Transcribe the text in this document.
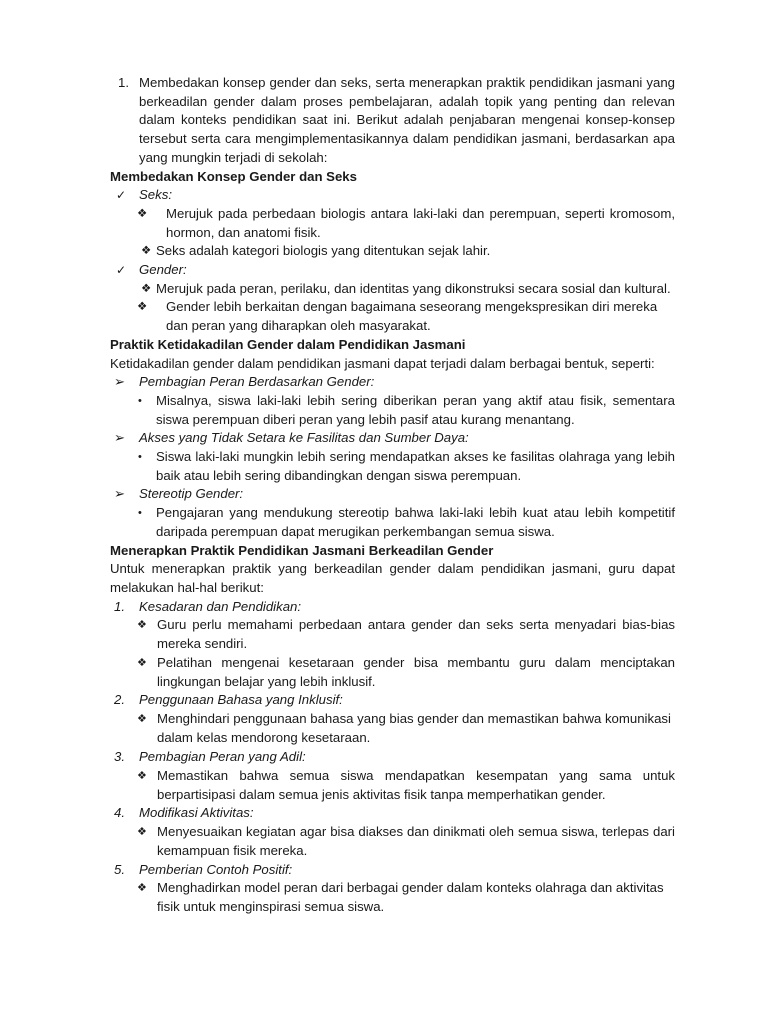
1. Membedakan konsep gender dan seks, serta menerapkan praktik pendidikan jasmani yang berkeadilan gender dalam proses pembelajaran, adalah topik yang penting dan relevan dalam konteks pendidikan saat ini. Berikut adalah penjabaran mengenai konsep-konsep tersebut serta cara mengimplementasikannya dalam pendidikan jasmani, berdasarkan apa yang mungkin terjadi di sekolah:
Membedakan Konsep Gender dan Seks
✓ Seks:
❖ Merujuk pada perbedaan biologis antara laki-laki dan perempuan, seperti kromosom, hormon, dan anatomi fisik.
❖ Seks adalah kategori biologis yang ditentukan sejak lahir.
✓ Gender:
❖ Merujuk pada peran, perilaku, dan identitas yang dikonstruksi secara sosial dan kultural.
❖ Gender lebih berkaitan dengan bagaimana seseorang mengekspresikan diri mereka dan peran yang diharapkan oleh masyarakat.
Praktik Ketidakadilan Gender dalam Pendidikan Jasmani
Ketidakadilan gender dalam pendidikan jasmani dapat terjadi dalam berbagai bentuk, seperti:
➢ Pembagian Peran Berdasarkan Gender:
• Misalnya, siswa laki-laki lebih sering diberikan peran yang aktif atau fisik, sementara siswa perempuan diberi peran yang lebih pasif atau kurang menantang.
➢ Akses yang Tidak Setara ke Fasilitas dan Sumber Daya:
• Siswa laki-laki mungkin lebih sering mendapatkan akses ke fasilitas olahraga yang lebih baik atau lebih sering dibandingkan dengan siswa perempuan.
➢ Stereotip Gender:
• Pengajaran yang mendukung stereotip bahwa laki-laki lebih kuat atau lebih kompetitif daripada perempuan dapat merugikan perkembangan semua siswa.
Menerapkan Praktik Pendidikan Jasmani Berkeadilan Gender
Untuk menerapkan praktik yang berkeadilan gender dalam pendidikan jasmani, guru dapat melakukan hal-hal berikut:
1. Kesadaran dan Pendidikan:
❖ Guru perlu memahami perbedaan antara gender dan seks serta menyadari bias-bias mereka sendiri.
❖ Pelatihan mengenai kesetaraan gender bisa membantu guru dalam menciptakan lingkungan belajar yang lebih inklusif.
2. Penggunaan Bahasa yang Inklusif:
❖ Menghindari penggunaan bahasa yang bias gender dan memastikan bahwa komunikasi dalam kelas mendorong kesetaraan.
3. Pembagian Peran yang Adil:
❖ Memastikan bahwa semua siswa mendapatkan kesempatan yang sama untuk berpartisipasi dalam semua jenis aktivitas fisik tanpa memperhatikan gender.
4. Modifikasi Aktivitas:
❖ Menyesuaikan kegiatan agar bisa diakses dan dinikmati oleh semua siswa, terlepas dari kemampuan fisik mereka.
5. Pemberian Contoh Positif:
❖ Menghadirkan model peran dari berbagai gender dalam konteks olahraga dan aktivitas fisik untuk menginspirasi semua siswa.
